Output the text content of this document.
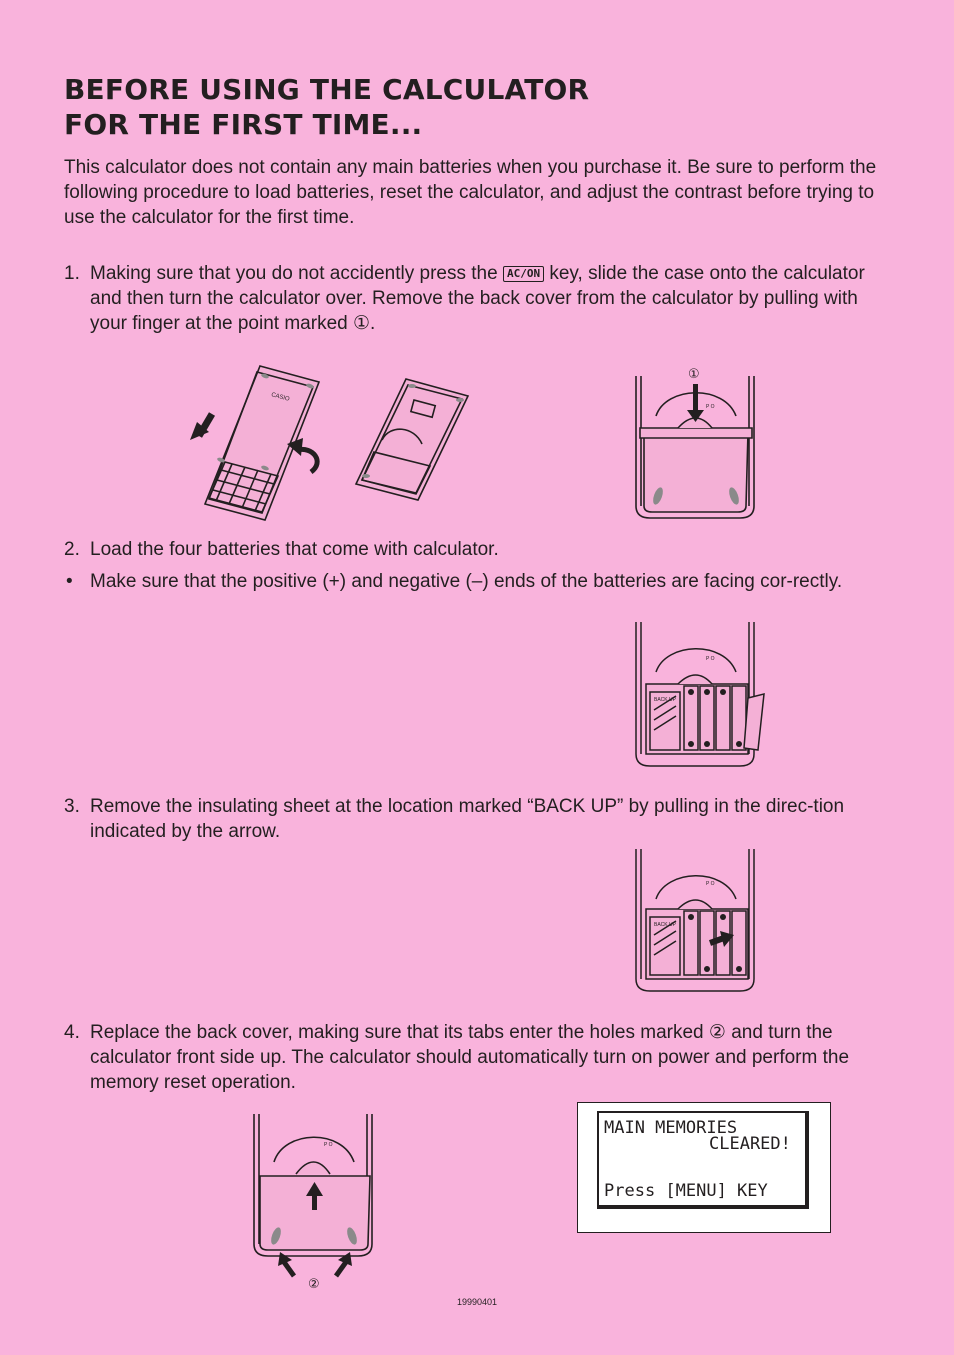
BEFORE USING THE CALCULATOR
FOR THE FIRST TIME...
This calculator does not contain any main batteries when you purchase it. Be sure to perform the following procedure to load batteries, reset the calculator, and adjust the contrast before trying to use the calculator for the first time.
1. Making sure that you do not accidently press the AC/ON key, slide the case onto the calculator and then turn the calculator over. Remove the back cover from the calculator by pulling with your finger at the point marked ①.
CASIO
①
P O
2. Load the four batteries that come with calculator.
• Make sure that the positive (+) and negative (–) ends of the batteries are facing cor-rectly.
BACK UP
P O
3. Remove the insulating sheet at the location marked “BACK UP” by pulling in the direc-tion indicated by the arrow.
BACK UP
P O
4. Replace the back cover, making sure that its tabs enter the holes marked ② and turn the calculator front side up. The calculator should automatically turn on power and perform the memory reset operation.
P O
②
MAIN MEMORIES
CLEARED!
Press [MENU] KEY
19990401
